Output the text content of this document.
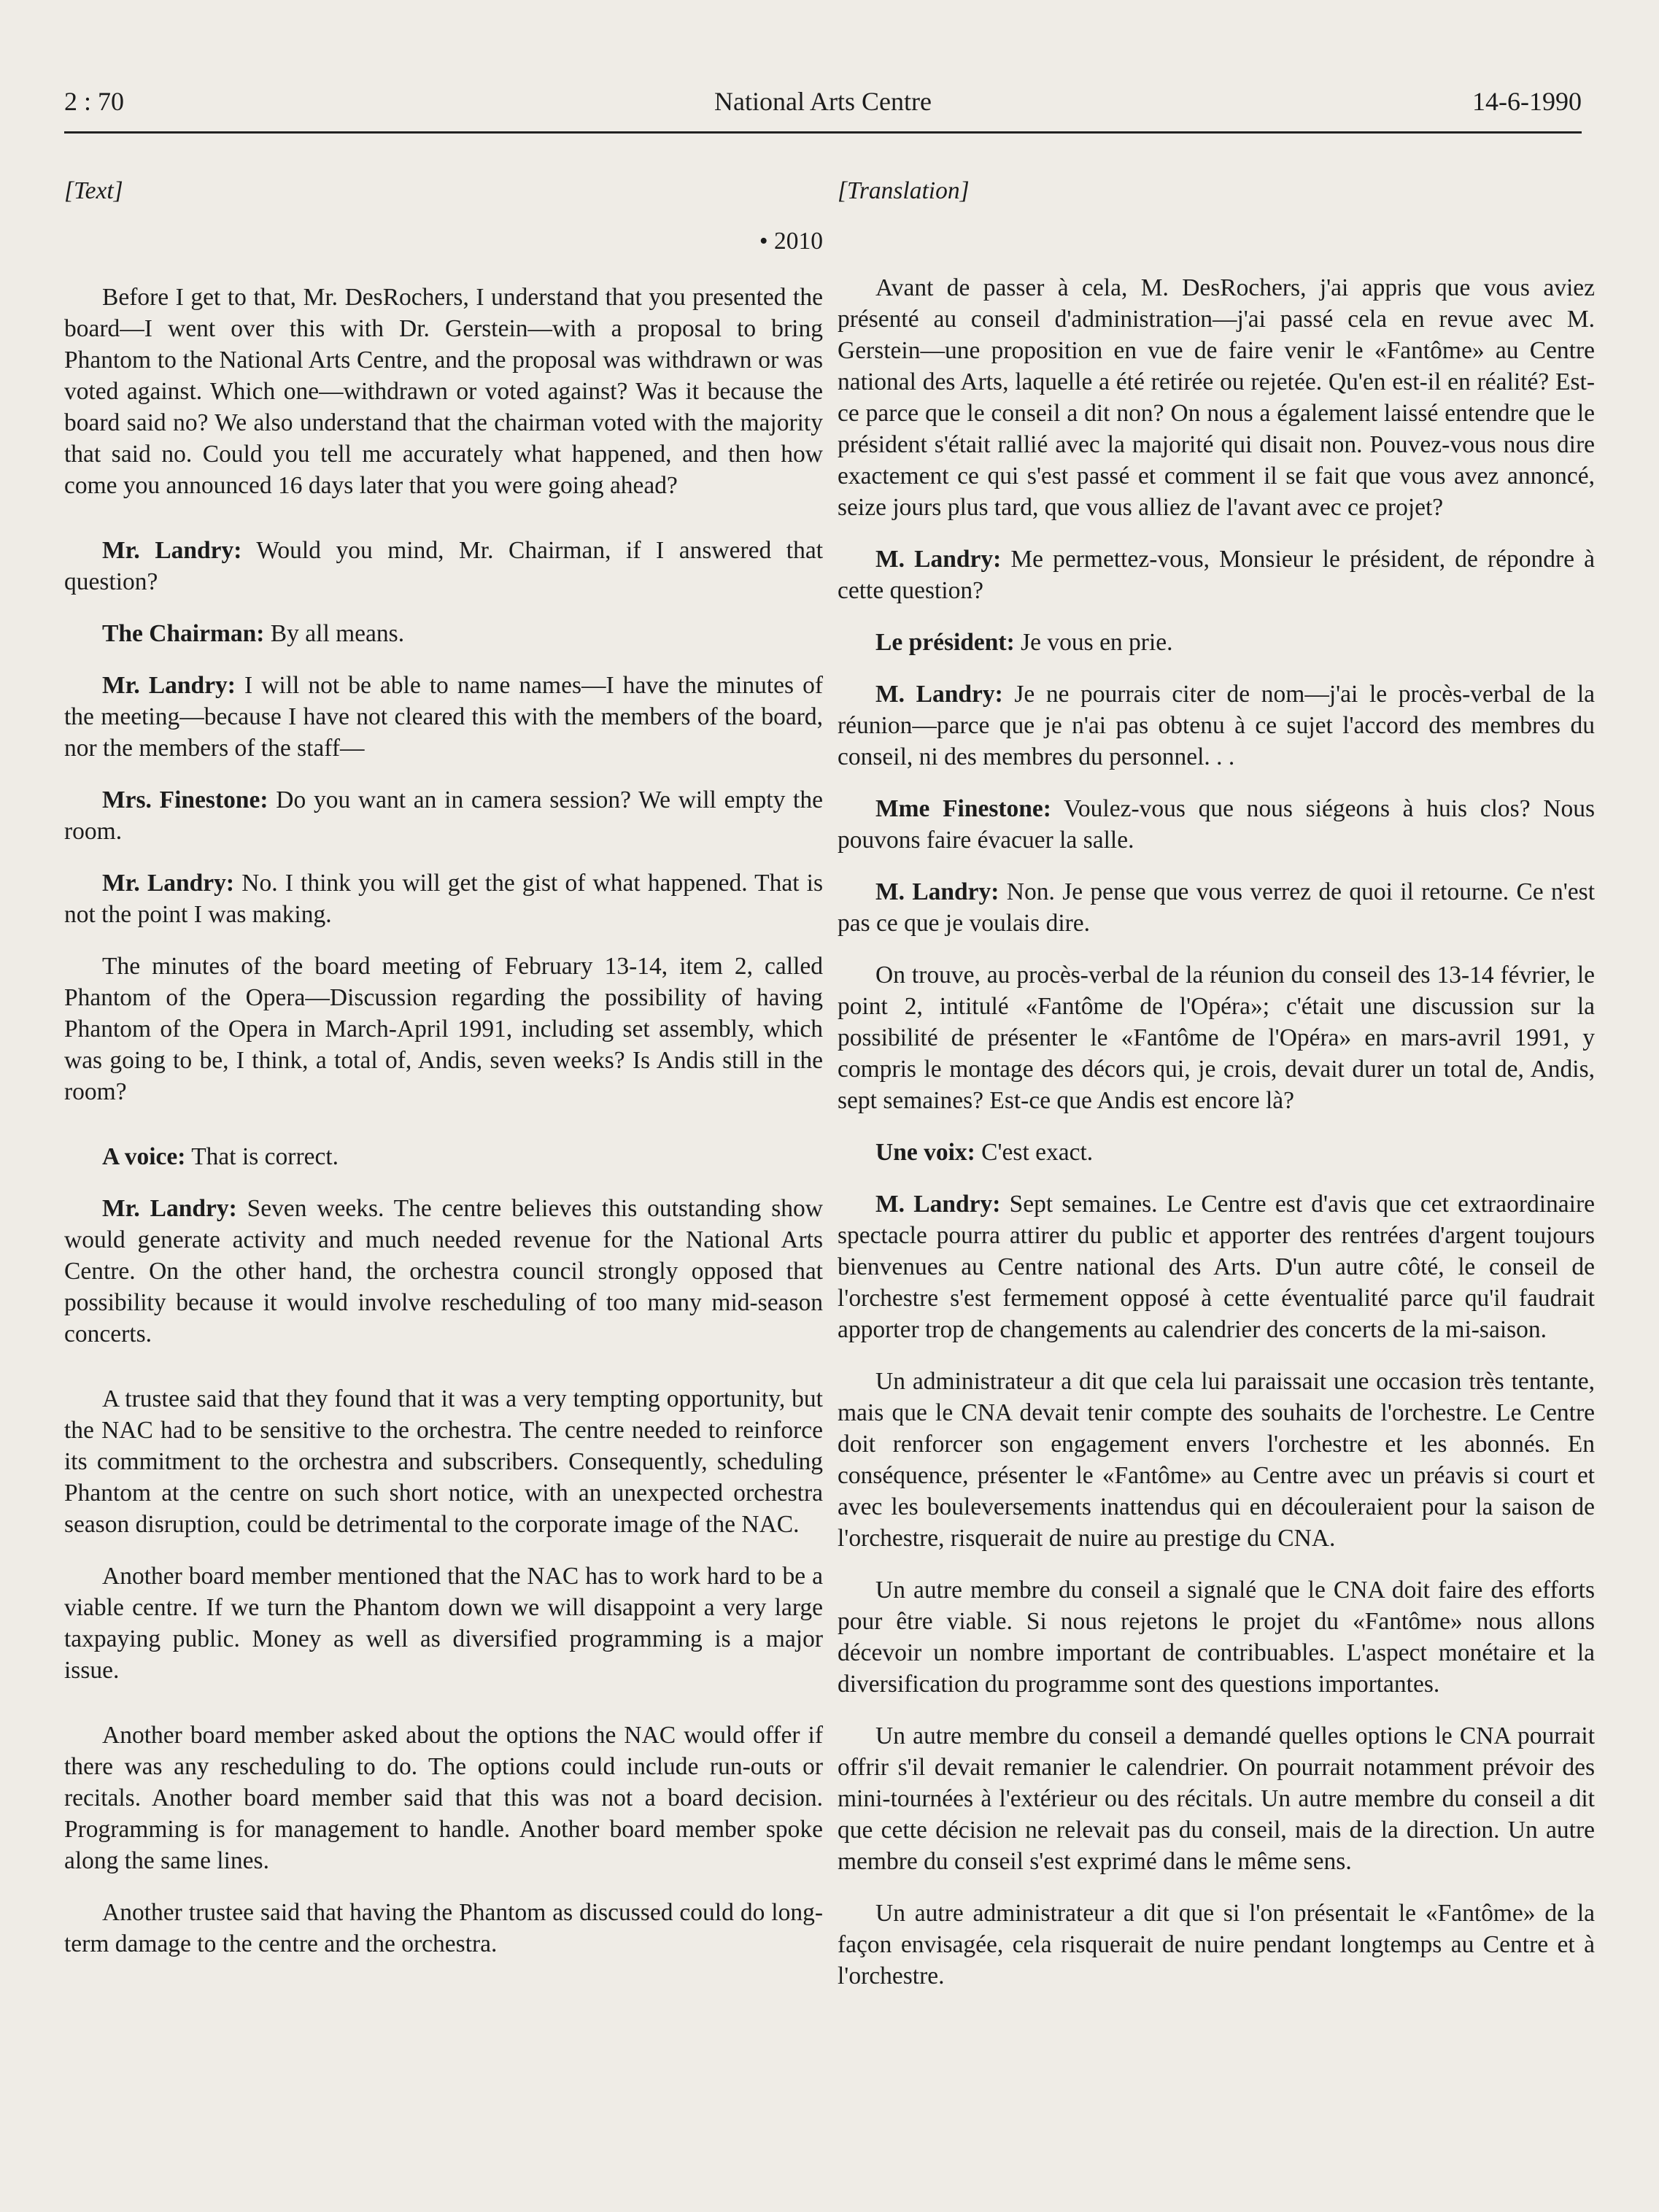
2 : 70	National Arts Centre	14-6-1990
[Text]
• 2010

Before I get to that, Mr. DesRochers, I understand that you presented the board—I went over this with Dr. Gerstein—with a proposal to bring Phantom to the National Arts Centre, and the proposal was withdrawn or was voted against. Which one—withdrawn or voted against? Was it because the board said no? We also understand that the chairman voted with the majority that said no. Could you tell me accurately what happened, and then how come you announced 16 days later that you were going ahead?

Mr. Landry: Would you mind, Mr. Chairman, if I answered that question?

The Chairman: By all means.

Mr. Landry: I will not be able to name names—I have the minutes of the meeting—because I have not cleared this with the members of the board, nor the members of the staff—

Mrs. Finestone: Do you want an in camera session? We will empty the room.

Mr. Landry: No. I think you will get the gist of what happened. That is not the point I was making.

The minutes of the board meeting of February 13-14, item 2, called Phantom of the Opera—Discussion regarding the possibility of having Phantom of the Opera in March-April 1991, including set assembly, which was going to be, I think, a total of, Andis, seven weeks? Is Andis still in the room?

A voice: That is correct.

Mr. Landry: Seven weeks. The centre believes this outstanding show would generate activity and much needed revenue for the National Arts Centre. On the other hand, the orchestra council strongly opposed that possibility because it would involve rescheduling of too many mid-season concerts.

A trustee said that they found that it was a very tempting opportunity, but the NAC had to be sensitive to the orchestra. The centre needed to reinforce its commitment to the orchestra and subscribers. Consequently, scheduling Phantom at the centre on such short notice, with an unexpected orchestra season disruption, could be detrimental to the corporate image of the NAC.

Another board member mentioned that the NAC has to work hard to be a viable centre. If we turn the Phantom down we will disappoint a very large taxpaying public. Money as well as diversified programming is a major issue.

Another board member asked about the options the NAC would offer if there was any rescheduling to do. The options could include run-outs or recitals. Another board member said that this was not a board decision. Programming is for management to handle. Another board member spoke along the same lines.

Another trustee said that having the Phantom as discussed could do long-term damage to the centre and the orchestra.

[Translation]

Avant de passer à cela, M. DesRochers, j'ai appris que vous aviez présenté au conseil d'administration—j'ai passé cela en revue avec M. Gerstein—une proposition en vue de faire venir le «Fantôme» au Centre national des Arts, laquelle a été retirée ou rejetée. Qu'en est-il en réalité? Est-ce parce que le conseil a dit non? On nous a également laissé entendre que le président s'était rallié avec la majorité qui disait non. Pouvez-vous nous dire exactement ce qui s'est passé et comment il se fait que vous avez annoncé, seize jours plus tard, que vous alliez de l'avant avec ce projet?

M. Landry: Me permettez-vous, Monsieur le président, de répondre à cette question?

Le président: Je vous en prie.

M. Landry: Je ne pourrais citer de nom—j'ai le procès-verbal de la réunion—parce que je n'ai pas obtenu à ce sujet l'accord des membres du conseil, ni des membres du personnel. . .

Mme Finestone: Voulez-vous que nous siégeons à huis clos? Nous pouvons faire évacuer la salle.

M. Landry: Non. Je pense que vous verrez de quoi il retourne. Ce n'est pas ce que je voulais dire.

On trouve, au procès-verbal de la réunion du conseil des 13-14 février, le point 2, intitulé «Fantôme de l'Opéra»; c'était une discussion sur la possibilité de présenter le «Fantôme de l'Opéra» en mars-avril 1991, y compris le montage des décors qui, je crois, devait durer un total de, Andis, sept semaines? Est-ce que Andis est encore là?

Une voix: C'est exact.

M. Landry: Sept semaines. Le Centre est d'avis que cet extraordinaire spectacle pourra attirer du public et apporter des rentrées d'argent toujours bienvenues au Centre national des Arts. D'un autre côté, le conseil de l'orchestre s'est fermement opposé à cette éventualité parce qu'il faudrait apporter trop de changements au calendrier des concerts de la mi-saison.

Un administrateur a dit que cela lui paraissait une occasion très tentante, mais que le CNA devait tenir compte des souhaits de l'orchestre. Le Centre doit renforcer son engagement envers l'orchestre et les abonnés. En conséquence, présenter le «Fantôme» au Centre avec un préavis si court et avec les bouleversements inattendus qui en découleraient pour la saison de l'orchestre, risquerait de nuire au prestige du CNA.

Un autre membre du conseil a signalé que le CNA doit faire des efforts pour être viable. Si nous rejetons le projet du «Fantôme» nous allons décevoir un nombre important de contribuables. L'aspect monétaire et la diversification du programme sont des questions importantes.

Un autre membre du conseil a demandé quelles options le CNA pourrait offrir s'il devait remanier le calendrier. On pourrait notamment prévoir des mini-tournées à l'extérieur ou des récitals. Un autre membre du conseil a dit que cette décision ne relevait pas du conseil, mais de la direction. Un autre membre du conseil s'est exprimé dans le même sens.

Un autre administrateur a dit que si l'on présentait le «Fantôme» de la façon envisagée, cela risquerait de nuire pendant longtemps au Centre et à l'orchestre.
